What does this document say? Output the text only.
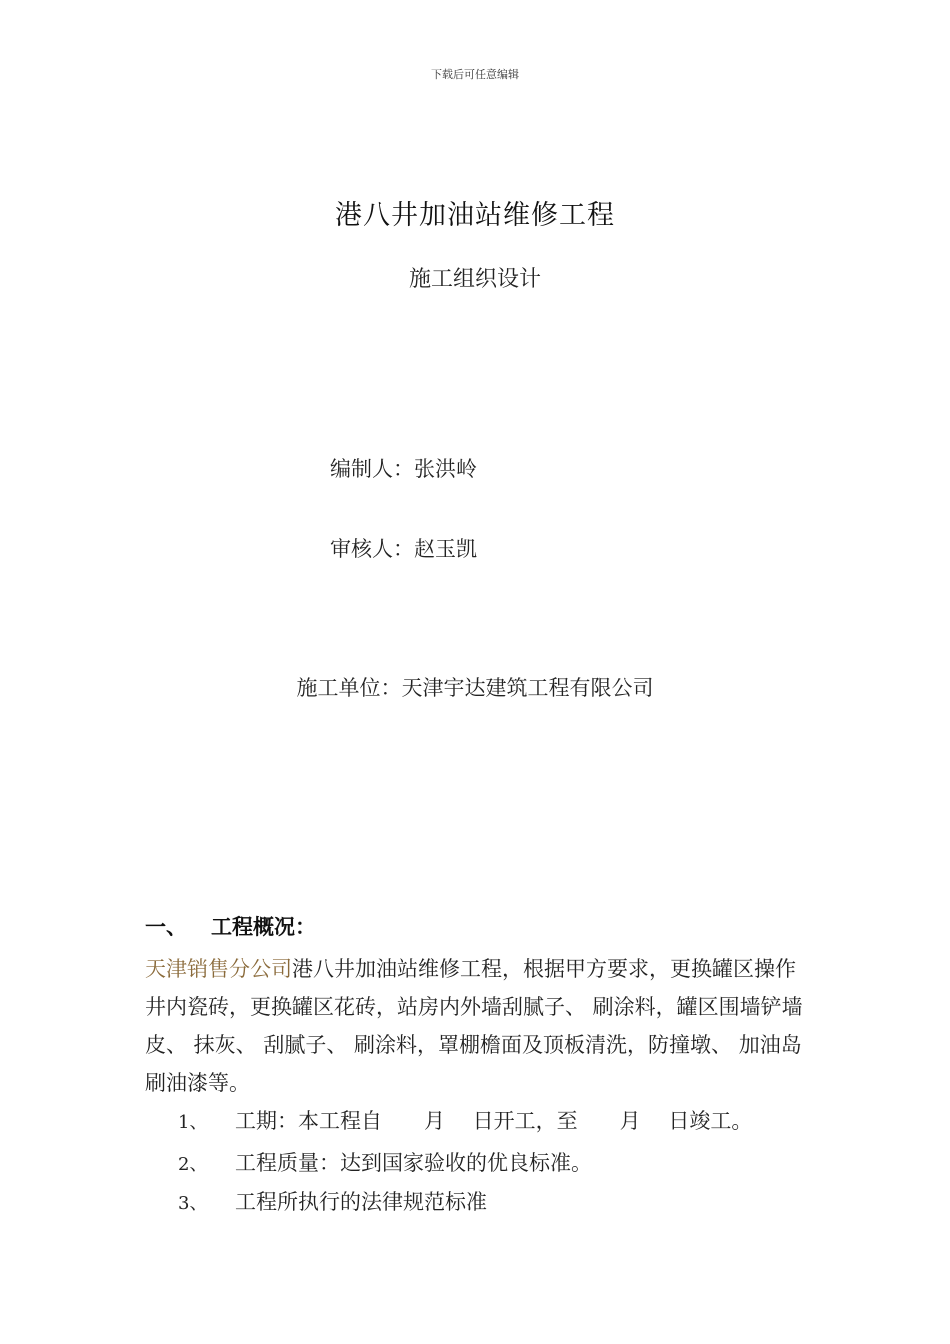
下载后可任意编辑
港八井加油站维修工程
施工组织设计
编制人：张洪岭
审核人：赵玉凯
施工单位：天津宇达建筑工程有限公司
一、 工程概况：
天津销售分公司港八井加油站维修工程，根据甲方要求，更换罐区操作井内瓷砖，更换罐区花砖，站房内外墙刮腻子、 刷涂料，罐区围墙铲墙皮、 抹灰、 刮腻子、 刷涂料，罩棚檐面及顶板清洗，防撞墩、 加油岛刷油漆等。
1、 工期：本工程自　　月　 日开工，至　　月　 日竣工。
2、 工程质量：达到国家验收的优良标准。
3、 工程所执行的法律规范标准
